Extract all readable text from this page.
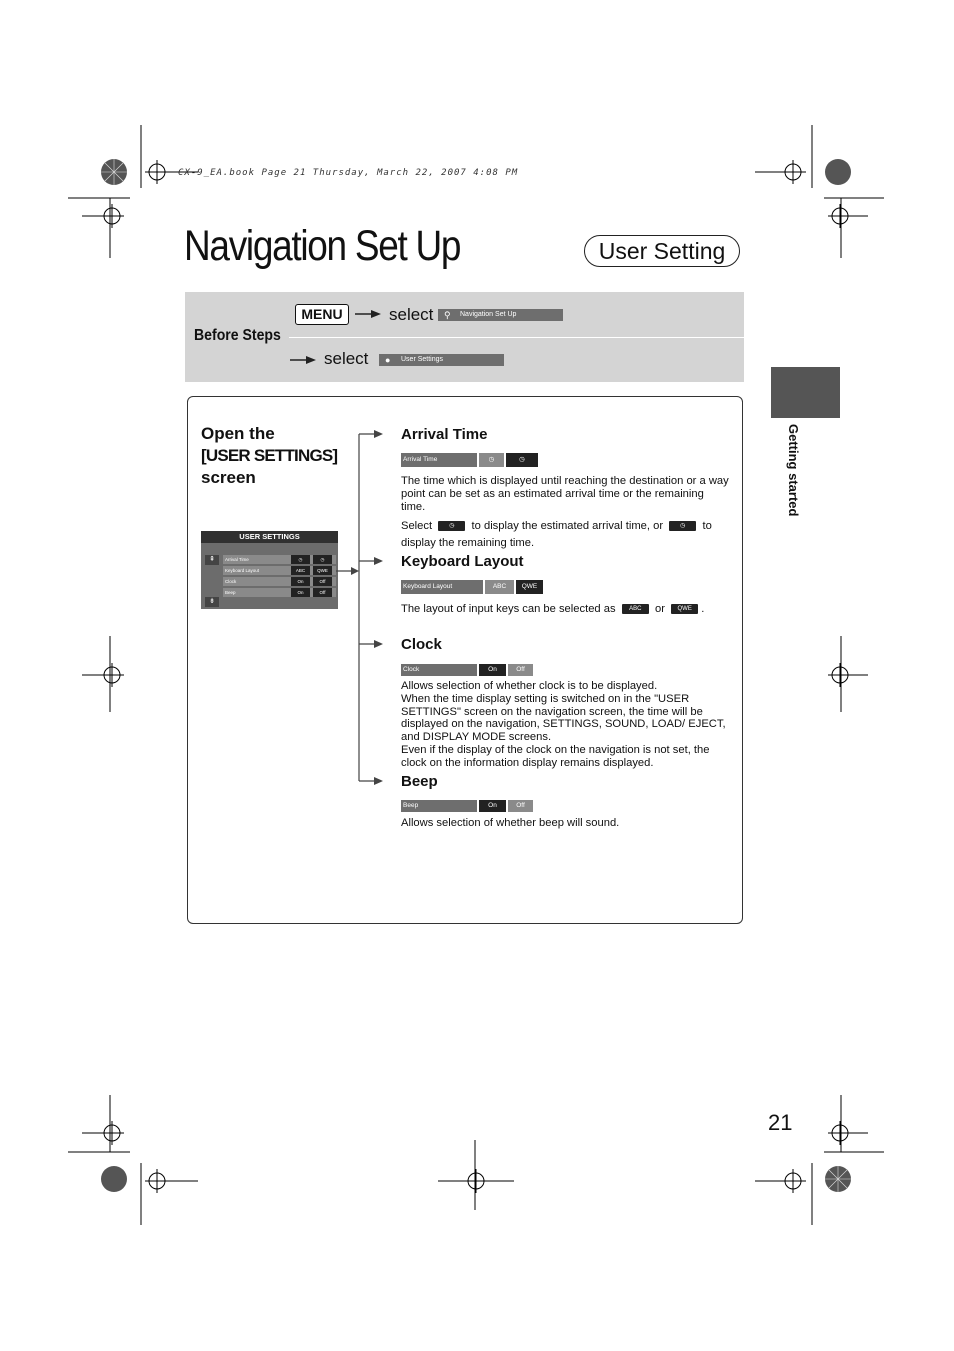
CX-9_EA.book Page 21 Thursday, March 22, 2007 4:08 PM
Navigation Set Up	User Setting
Before Steps
MENU	select ⚲ Navigation Set Up
select ● User Settings
Getting started
Open the
[USER SETTINGS]
screen
USER SETTINGS
⇞
⇟
Arrival Time	◷	◷
Keyboard Layout	ABC	QWE
Clock	On	Off
Beep	On	Off
Arrival Time
Arrival Time	◷	◷
The time which is displayed until reaching the destination or a way point can be set as an estimated arrival time or the remaining time.
Select	◷ to display the estimated arrival time, or	◷ to
display the remaining time.
Keyboard Layout
Keyboard Layout	ABC	QWE
The layout of input keys can be selected as ABC or QWE .
Clock
Clock	On	Off
Allows selection of whether clock is to be displayed.
When the time display setting is switched on in the "USER SETTINGS" screen on the navigation screen, the time will be displayed on the navigation, SETTINGS, SOUND, LOAD/ EJECT, and DISPLAY MODE screens.
Even if the display of the clock on the navigation is not set, the clock on the information display remains displayed.
Beep
Beep	On	Off
Allows selection of whether beep will sound.
21
